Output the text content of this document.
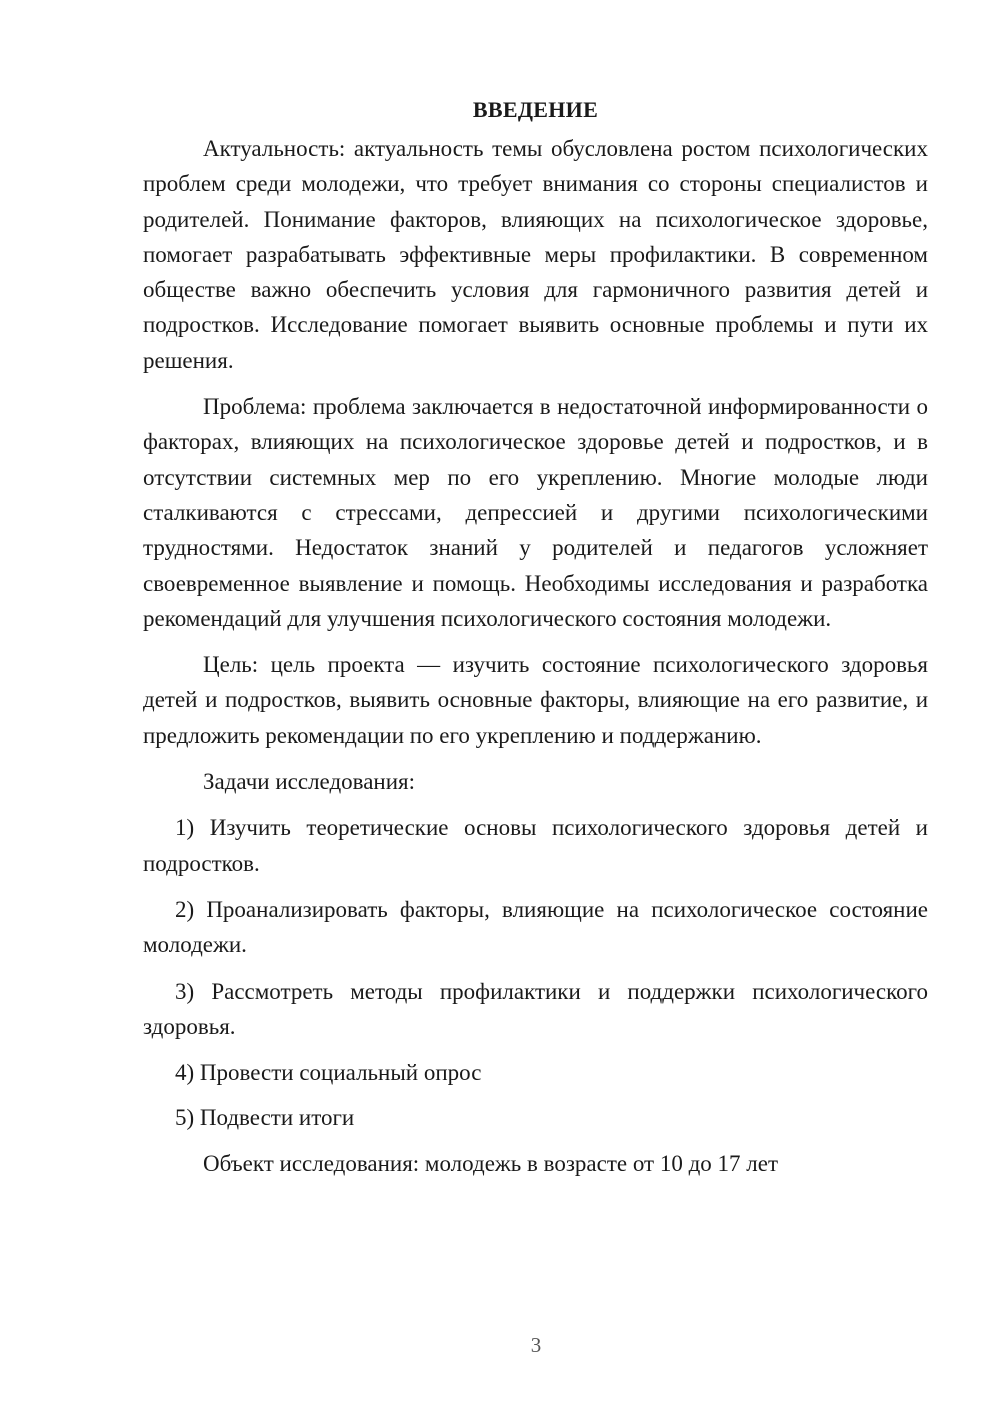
ВВЕДЕНИЕ

Актуальность: актуальность темы обусловлена ростом психологических проблем среди молодежи, что требует внимания со стороны специалистов и родителей. Понимание факторов, влияющих на психологическое здоровье, помогает разрабатывать эффективные меры профилактики. В современном обществе важно обеспечить условия для гармоничного развития детей и подростков. Исследование помогает выявить основные проблемы и пути их решения.

Проблема: проблема заключается в недостаточной информированности о факторах, влияющих на психологическое здоровье детей и подростков, и в отсутствии системных мер по его укреплению. Многие молодые люди сталкиваются с стрессами, депрессией и другими психологическими трудностями. Недостаток знаний у родителей и педагогов усложняет своевременное выявление и помощь. Необходимы исследования и разработка рекомендаций для улучшения психологического состояния молодежи.

Цель: цель проекта — изучить состояние психологического здоровья детей и подростков, выявить основные факторы, влияющие на его развитие, и предложить рекомендации по его укреплению и поддержанию.

Задачи исследования:

1) Изучить теоретические основы психологического здоровья детей и подростков.

2) Проанализировать факторы, влияющие на психологическое состояние молодежи.

3) Рассмотреть методы профилактики и поддержки психологического здоровья.

4) Провести социальный опрос

5) Подвести итоги

Объект исследования: молодежь в возрасте от 10 до 17 лет

3
